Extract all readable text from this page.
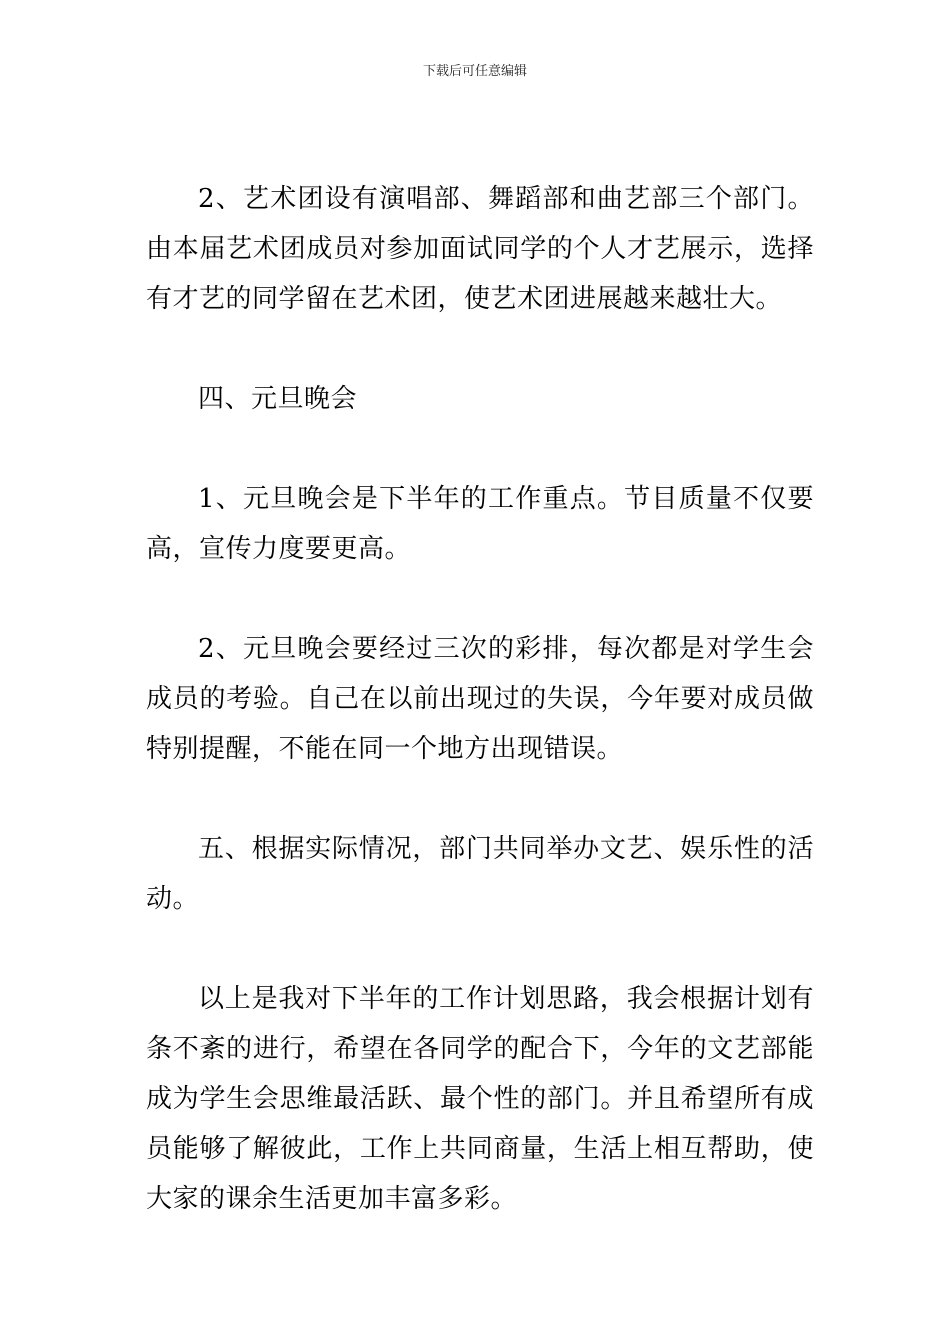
下载后可任意编辑

2、艺术团设有演唱部、舞蹈部和曲艺部三个部门。由本届艺术团成员对参加面试同学的个人才艺展示，选择有才艺的同学留在艺术团，使艺术团进展越来越壮大。

四、元旦晚会

1、元旦晚会是下半年的工作重点。节目质量不仅要高，宣传力度要更高。

2、元旦晚会要经过三次的彩排，每次都是对学生会成员的考验。自己在以前出现过的失误，今年要对成员做特别提醒，不能在同一个地方出现错误。

五、根据实际情况，部门共同举办文艺、娱乐性的活动。

以上是我对下半年的工作计划思路，我会根据计划有条不紊的进行，希望在各同学的配合下，今年的文艺部能成为学生会思维最活跃、最个性的部门。并且希望所有成员能够了解彼此，工作上共同商量，生活上相互帮助，使大家的课余生活更加丰富多彩。
